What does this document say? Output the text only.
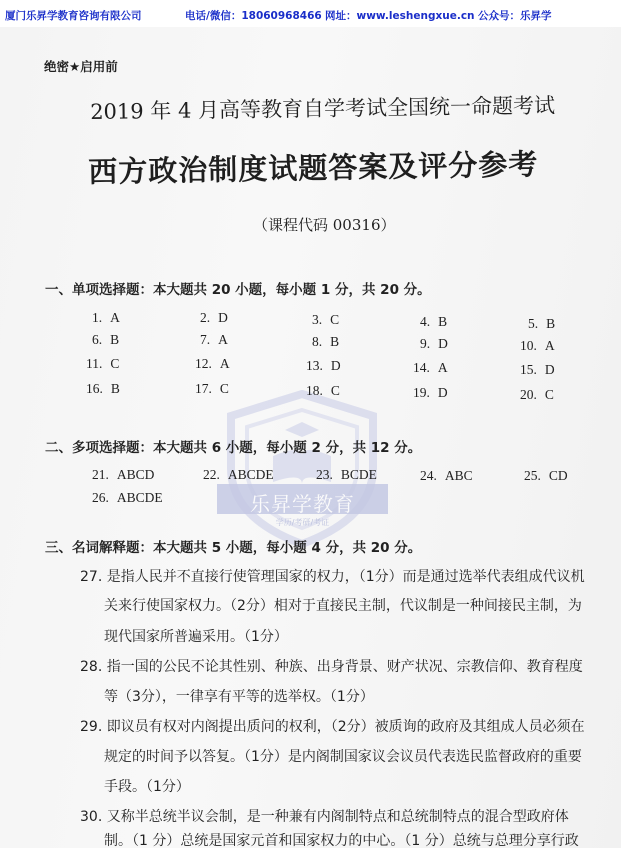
厦门乐昇学教育咨询有限公司	电话/微信：18060968466 网址：www.leshengxue.cn 公众号：乐昇学
乐昇学教育
学历/考研/考证
绝密★启用前
2019 年 4 月高等教育自学考试全国统一命题考试
西方政治制度试题答案及评分参考
（课程代码 00316）
一、单项选择题：本大题共 20 小题，每小题 1 分，共 20 分。
1. A	2. D	3. C	4. B	5. B
6. B	7. A	8. B	9. D	10. A
11. C	12. A	13. D	14. A	15. D
16. B	17. C	18. C	19. D	20. C
二、多项选择题：本大题共 6 小题，每小题 2 分，共 12 分。
21. ABCD	22. ABCDE	23. BCDE	24. ABC	25. CD
26. ABCDE
三、名词解释题：本大题共 5 小题，每小题 4 分，共 20 分。
27. 是指人民并不直接行使管理国家的权力，（1分）而是通过选举代表组成代议机
关来行使国家权力。（2分）相对于直接民主制，代议制是一种间接民主制，为
现代国家所普遍采用。（1分）
28. 指一国的公民不论其性别、种族、出身背景、财产状况、宗教信仰、教育程度
等（3分），一律享有平等的选举权。（1分）
29. 即议员有权对内阁提出质问的权利，（2分）被质询的政府及其组成人员必须在
规定的时间予以答复。（1分）是内阁制国家议会议员代表选民监督政府的重要
手段。（1分）
30. 又称半总统半议会制，是一种兼有内阁制特点和总统制特点的混合型政府体
制。（1 分）总统是国家元首和国家权力的中心。（1 分）总统与总理分享行政
